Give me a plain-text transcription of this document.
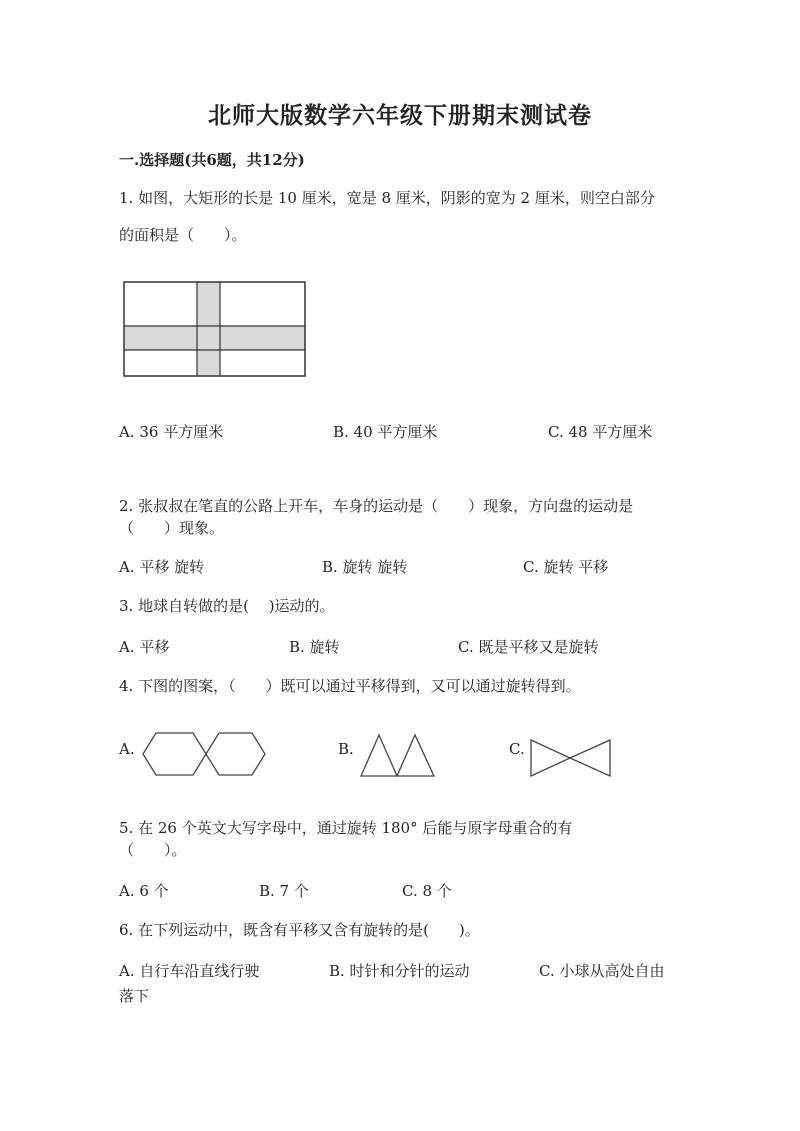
北师大版数学六年级下册期末测试卷
一.选择题(共6题，共12分)
1. 如图，大矩形的长是 10 厘米，宽是 8 厘米，阴影的宽为 2 厘米，则空白部分
的面积是（　　）。
A. 36 平方厘米	B. 40 平方厘米	C. 48 平方厘米
2. 张叔叔在笔直的公路上开车，车身的运动是（　　）现象，方向盘的运动是
（　　）现象。
A. 平移 旋转	B. 旋转 旋转	C. 旋转 平移
3. 地球自转做的是(　 )运动的。
A. 平移	B. 旋转	C. 既是平移又是旋转
4. 下图的图案，（　　）既可以通过平移得到，又可以通过旋转得到。
A.	B.	C.
5. 在 26 个英文大写字母中，通过旋转 180° 后能与原字母重合的有
（　　）。
A. 6 个	B. 7 个	C. 8 个
6. 在下列运动中，既含有平移又含有旋转的是(　　)。
A. 自行车沿直线行驶	B. 时针和分针的运动	C. 小球从高处自由
落下
